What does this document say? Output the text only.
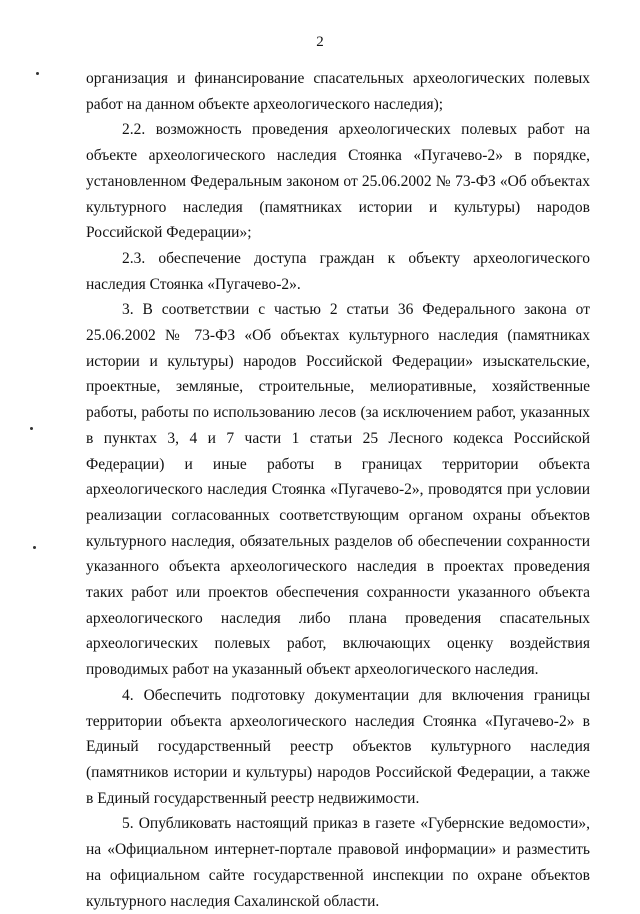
2

организация и финансирование спасательных археологических полевых работ на данном объекте археологического наследия);

2.2. возможность проведения археологических полевых работ на объекте археологического наследия Стоянка «Пугачево-2» в порядке, установленном Федеральным законом от 25.06.2002 № 73-ФЗ «Об объектах культурного наследия (памятниках истории и культуры) народов Российской Федерации»;

2.3. обеспечение доступа граждан к объекту археологического наследия Стоянка «Пугачево-2».

3. В соответствии с частью 2 статьи 36 Федерального закона от 25.06.2002 № 73-ФЗ «Об объектах культурного наследия (памятниках истории и культуры) народов Российской Федерации» изыскательские, проектные, земляные, строительные, мелиоративные, хозяйственные работы, работы по использованию лесов (за исключением работ, указанных в пунктах 3, 4 и 7 части 1 статьи 25 Лесного кодекса Российской Федерации) и иные работы в границах территории объекта археологического наследия Стоянка «Пугачево-2», проводятся при условии реализации согласованных соответствующим органом охраны объектов культурного наследия, обязательных разделов об обеспечении сохранности указанного объекта археологического наследия в проектах проведения таких работ или проектов обеспечения сохранности указанного объекта археологического наследия либо плана проведения спасательных археологических полевых работ, включающих оценку воздействия проводимых работ на указанный объект археологического наследия.

4. Обеспечить подготовку документации для включения границы территории объекта археологического наследия Стоянка «Пугачево-2» в Единый государственный реестр объектов культурного наследия (памятников истории и культуры) народов Российской Федерации, а также в Единый государственный реестр недвижимости.

5. Опубликовать настоящий приказ в газете «Губернские ведомости», на «Официальном интернет-портале правовой информации» и разместить на официальном сайте государственной инспекции по охране объектов культурного наследия Сахалинской области.
